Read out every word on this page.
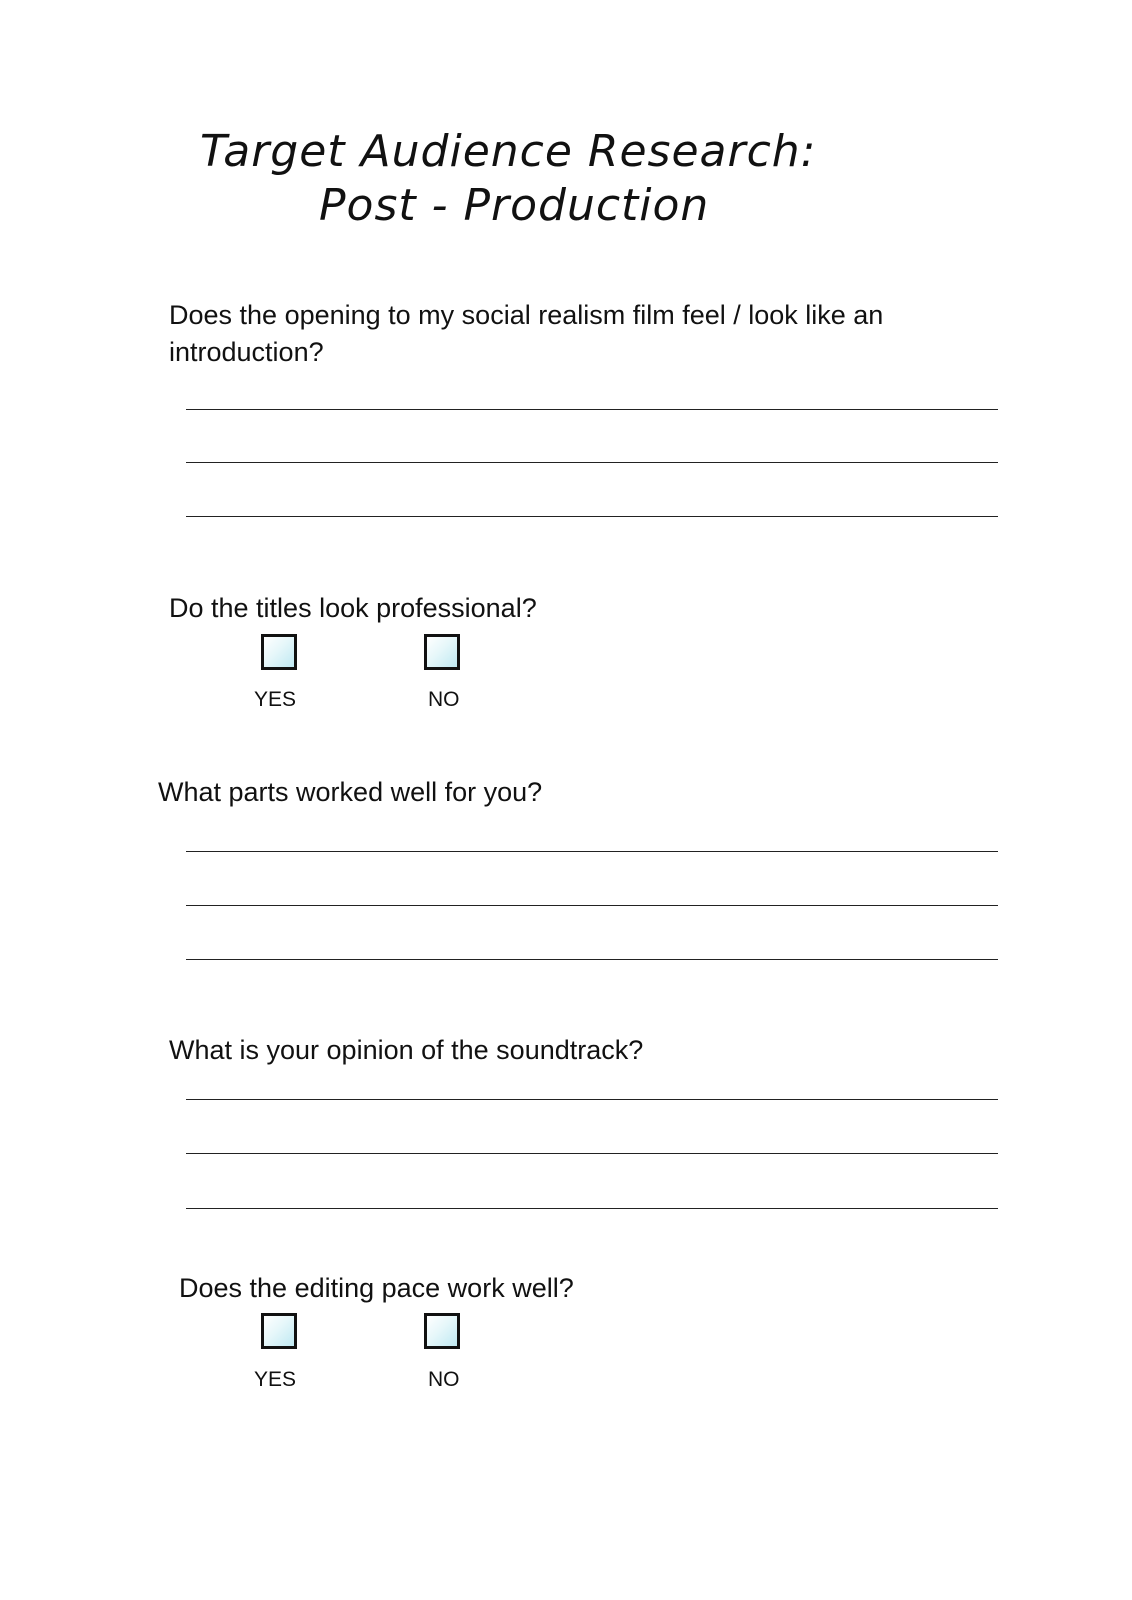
Target Audience Research:
Post - Production
Does the opening to my social realism film feel / look like an
introduction?
Do the titles look professional?
YES	NO
What parts worked well for you?
What is your opinion of the soundtrack?
Does the editing pace work well?
YES	NO
